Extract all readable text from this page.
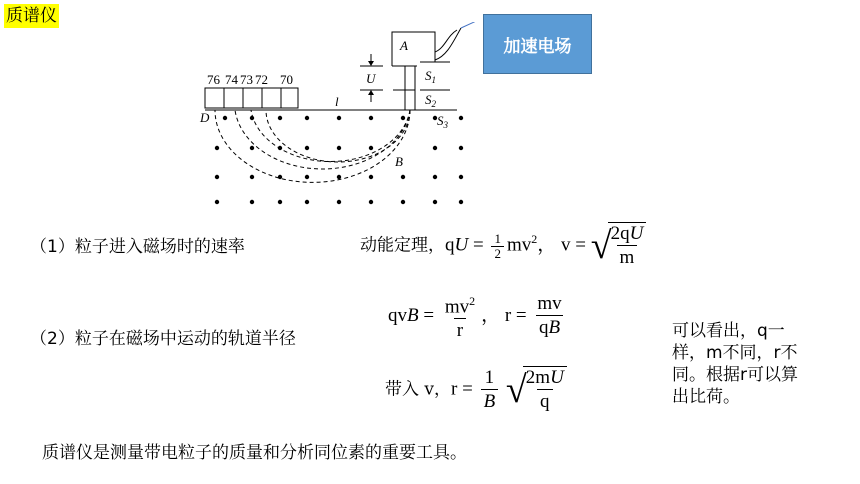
质谱仪
76 74 73 72 70
D
l
A
U	$S_1$
$S_2$
$S_3$
B
加速电场
（1）粒子进入磁场时的速率	动能定理，qU = $\frac{1}{2} mv^2$， v = √
$\frac{2qU}{m}$
（2）粒子在磁场中运动的轨道半径
qvB = $\frac{mv^2}{r}$ ， $r = \frac{mv}{qB}$
带入 v，$r = \frac{1}{B}$ √
$\frac{2mU}{q}$
可以看出，q一样，m不同，r不同。根据r可以算出比荷。
质谱仪是测量带电粒子的质量和分析同位素的重要工具。
